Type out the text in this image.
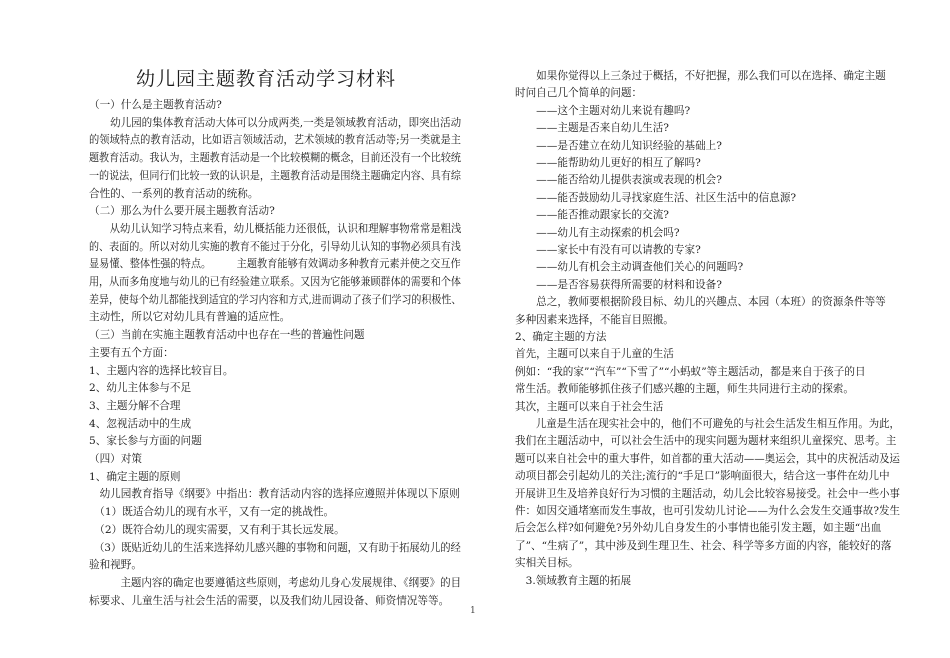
幼儿园主题教育活动学习材料
（一）什么是主题教育活动?
　　幼儿园的集体教育活动大体可以分成两类,一类是领域教育活动，即突出活动
的领域特点的教育活动，比如语言领域活动，艺术领域的教育活动等;另一类就是主
题教育活动。我认为，主题教育活动是一个比较模糊的概念，目前还没有一个比较统
一的说法，但同行们比较一致的认识是，主题教育活动是围绕主题确定内容、具有综
合性的、一系列的教育活动的统称。
（二）那么为什么要开展主题教育活动?
　　从幼儿认知学习特点来看，幼儿概括能力还很低，认识和理解事物常常是粗浅
的、表面的。所以对幼儿实施的教育不能过于分化，引导幼儿认知的事物必须具有浅
显易懂、整体性强的特点。　　　主题教育能够有效调动多种教育元素并使之交互作
用，从而多角度地与幼儿的已有经验建立联系。又因为它能够兼顾群体的需要和个体
差异，使每个幼儿都能找到适宜的学习内容和方式,进而调动了孩子们学习的积极性、
主动性，所以它对幼儿具有普遍的适应性。
（三）当前在实施主题教育活动中也存在一些的普遍性问题
主要有五个方面：
1、主题内容的选择比较盲目。
2、幼儿主体参与不足
3、主题分解不合理
4、忽视活动中的生成
5、家长参与方面的问题
（四）对策
1、确定主题的原则
　幼儿园教育指导《纲要》中指出：教育活动内容的选择应遵照并体现以下原则
　（1）既适合幼儿的现有水平，又有一定的挑战性。
　（2）既符合幼儿的现实需要，又有利于其长远发展。
　（3）既贴近幼儿的生活来选择幼儿感兴趣的事物和问题，又有助于拓展幼儿的经
验和视野。
　　　主题内容的确定也要遵循这些原则，考虑幼儿身心发展规律、《纲要》的目
标要求、儿童生活与社会生活的需要，以及我们幼儿园设备、师资情况等等。
　　如果你觉得以上三条过于概括，不好把握，那么我们可以在选择、确定主题
时问自己几个简单的问题：
　　——这个主题对幼儿来说有趣吗?
　　——主题是否来自幼儿生活?
　　——是否建立在幼儿知识经验的基础上?
　　——能帮助幼儿更好的相互了解吗?
　　——能否给幼儿提供表演或表现的机会?
　　——能否鼓励幼儿寻找家庭生活、社区生活中的信息源?
　　——能否推动跟家长的交流?
　　——幼儿有主动探索的机会吗?
　　——家长中有没有可以请教的专家?
　　——幼儿有机会主动调查他们关心的问题吗?
　　——是否容易获得所需要的材料和设备?
　　总之，教师要根据阶段目标、幼儿的兴趣点、本园（本班）的资源条件等等
多种因素来选择，不能盲目照搬。
2、确定主题的方法
首先，主题可以来自于儿童的生活
例如：“我的家”“汽车”“下雪了”“小蚂蚁”等主题活动，都是来自于孩子的日
常生活。教师能够抓住孩子们感兴趣的主题，师生共同进行主动的探索。
其次，主题可以来自于社会生活
　　儿童是生活在现实社会中的，他们不可避免的与社会生活发生相互作用。为此，
我们在主题活动中，可以社会生活中的现实问题为题材来组织儿童探究、思考。主
题可以来自社会中的重大事件，如首都的重大活动——奥运会，其中的庆祝活动及运
动项目都会引起幼儿的关注;流行的“手足口”影响面很大，结合这一事件在幼儿中
开展讲卫生及培养良好行为习惯的主题活动，幼儿会比较容易接受。社会中一些小事
件：如因交通堵塞而发生事故，也可引发幼儿讨论——为什么会发生交通事故?发生
后会怎么样?如何避免?另外幼儿自身发生的小事情也能引发主题，如主题“出血
了”、“生病了”，其中涉及到生理卫生、社会、科学等多方面的内容，能较好的落
实相关目标。
　3.领域教育主题的拓展
1
